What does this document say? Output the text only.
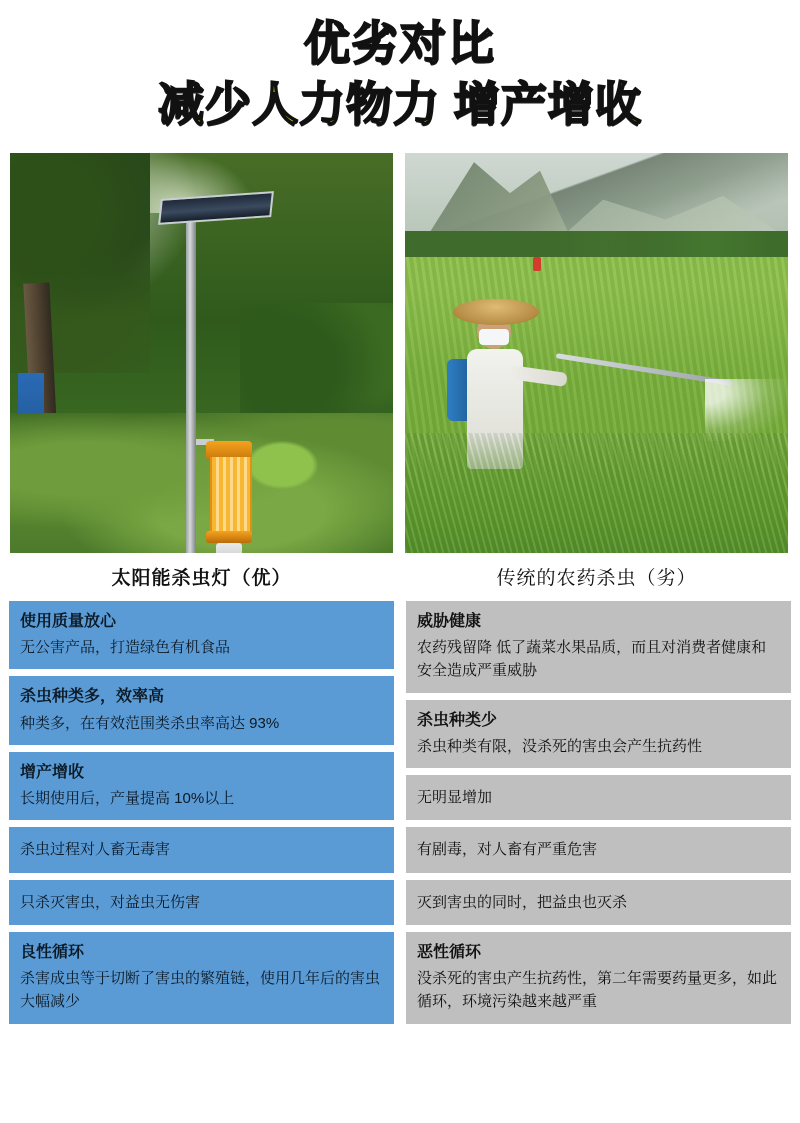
优劣对比
减少人力物力 增产增收
太阳能杀虫灯（优）	传统的农药杀虫（劣）
使用质量放心
无公害产品，打造绿色有机食品
杀虫种类多，效率高
种类多，在有效范围类杀虫率高达 93%
增产增收
长期使用后，产量提高 10%以上
杀虫过程对人畜无毒害
只杀灭害虫，对益虫无伤害
良性循环
杀害成虫等于切断了害虫的繁殖链，使用几年后的害虫大幅减少
威胁健康
农药残留降 低了蔬菜水果品质，而且对消费者健康和安全造成严重威胁
杀虫种类少
杀虫种类有限，没杀死的害虫会产生抗药性
无明显增加
有剧毒，对人畜有严重危害
灭到害虫的同时，把益虫也灭杀
恶性循环
没杀死的害虫产生抗药性，第二年需要药量更多，如此循环，环境污染越来越严重
